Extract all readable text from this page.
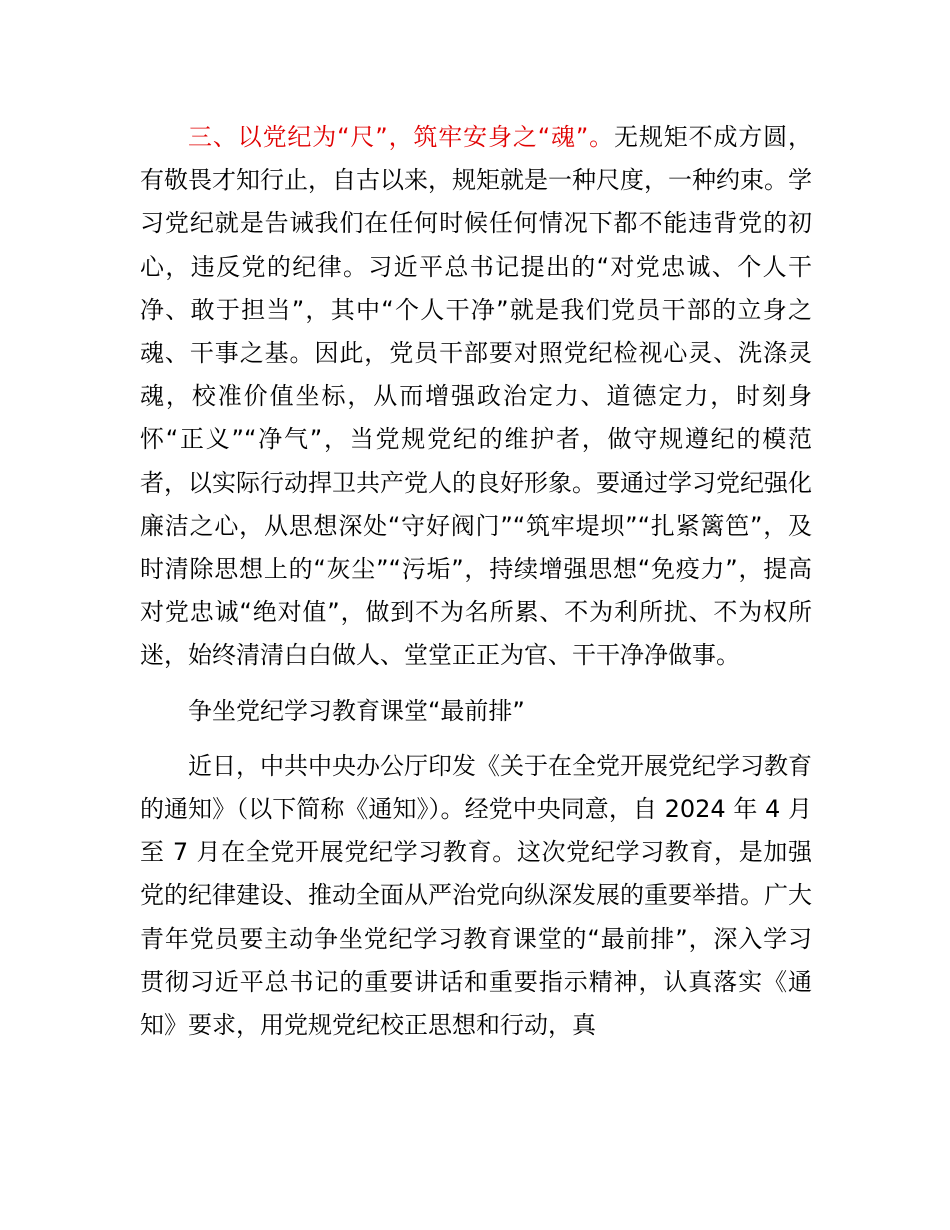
三、以党纪为“尺”，筑牢安身之“魂”。无规矩不成方圆，有敬畏才知行止，自古以来，规矩就是一种尺度，一种约束。学习党纪就是告诫我们在任何时候任何情况下都不能违背党的初心，违反党的纪律。习近平总书记提出的“对党忠诚、个人干净、敢于担当”，其中“个人干净”就是我们党员干部的立身之魂、干事之基。因此，党员干部要对照党纪检视心灵、洗涤灵魂，校准价值坐标，从而增强政治定力、道德定力，时刻身怀“正义”“净气”，当党规党纪的维护者，做守规遵纪的模范者，以实际行动捍卫共产党人的良好形象。要通过学习党纪强化廉洁之心，从思想深处“守好阀门”“筑牢堤坝”“扎紧篱笆”，及时清除思想上的“灰尘”“污垢”，持续增强思想“免疫力”，提高对党忠诚“绝对值”，做到不为名所累、不为利所扰、不为权所迷，始终清清白白做人、堂堂正正为官、干干净净做事。

争坐党纪学习教育课堂“最前排”

近日，中共中央办公厅印发《关于在全党开展党纪学习教育的通知》（以下简称《通知》）。经党中央同意，自 2024 年 4 月至 7 月在全党开展党纪学习教育。这次党纪学习教育，是加强党的纪律建设、推动全面从严治党向纵深发展的重要举措。广大青年党员要主动争坐党纪学习教育课堂的“最前排”，深入学习贯彻习近平总书记的重要讲话和重要指示精神，认真落实《通知》要求，用党规党纪校正思想和行动，真
